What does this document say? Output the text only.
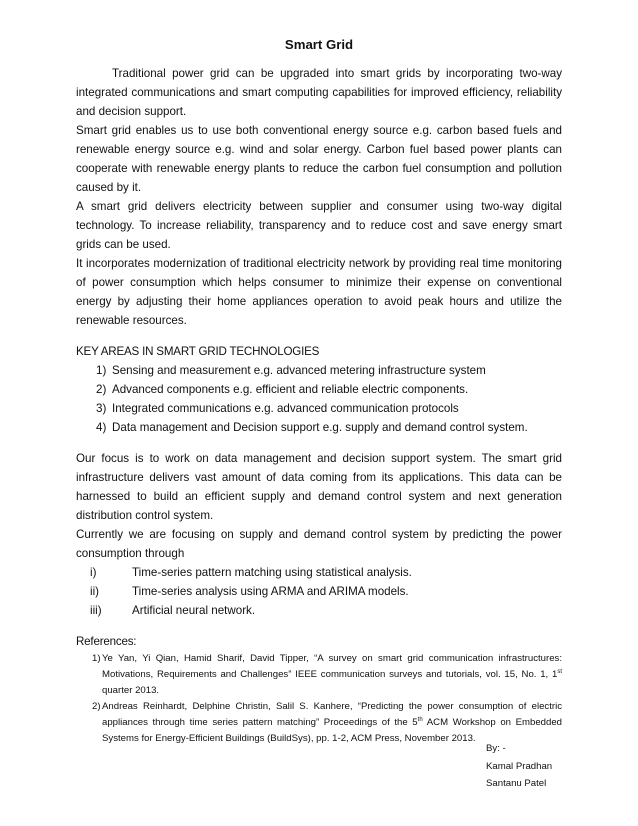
Smart Grid

Traditional power grid can be upgraded into smart grids by incorporating two-way integrated communications and smart computing capabilities for improved efficiency, reliability and decision support.

Smart grid enables us to use both conventional energy source e.g. carbon based fuels and renewable energy source e.g. wind and solar energy. Carbon fuel based power plants can cooperate with renewable energy plants to reduce the carbon fuel consumption and pollution caused by it.

A smart grid delivers electricity between supplier and consumer using two-way digital technology. To increase reliability, transparency and to reduce cost and save energy smart grids can be used.

It incorporates modernization of traditional electricity network by providing real time monitoring of power consumption which helps consumer to minimize their expense on conventional energy by adjusting their home appliances operation to avoid peak hours and utilize the renewable resources.

KEY AREAS IN SMART GRID TECHNOLOGIES
1) Sensing and measurement e.g. advanced metering infrastructure system
2) Advanced components e.g. efficient and reliable electric components.
3) Integrated communications e.g. advanced communication protocols
4) Data management and Decision support e.g. supply and demand control system.

Our focus is to work on data management and decision support system. The smart grid infrastructure delivers vast amount of data coming from its applications. This data can be harnessed to build an efficient supply and demand control system and next generation distribution control system.

Currently we are focusing on supply and demand control system by predicting the power consumption through

i)	Time-series pattern matching using statistical analysis.
ii)	Time-series analysis using ARMA and ARIMA models.
iii)	Artificial neural network.
References:
1) Ye Yan, Yi Qian, Hamid Sharif, David Tipper, “A survey on smart grid communication infrastructures: Motivations, Requirements and Challenges” IEEE communication surveys and tutorials, vol. 15, No. 1, 1st quarter 2013.
2) Andreas Reinhardt, Delphine Christin, Salil S. Kanhere, “Predicting the power consumption of electric appliances through time series pattern matching” Proceedings of the 5th ACM Workshop on Embedded Systems for Energy-Efficient Buildings (BuildSys), pp. 1-2, ACM Press, November 2013.
By: -
Kamal Pradhan
Santanu Patel
